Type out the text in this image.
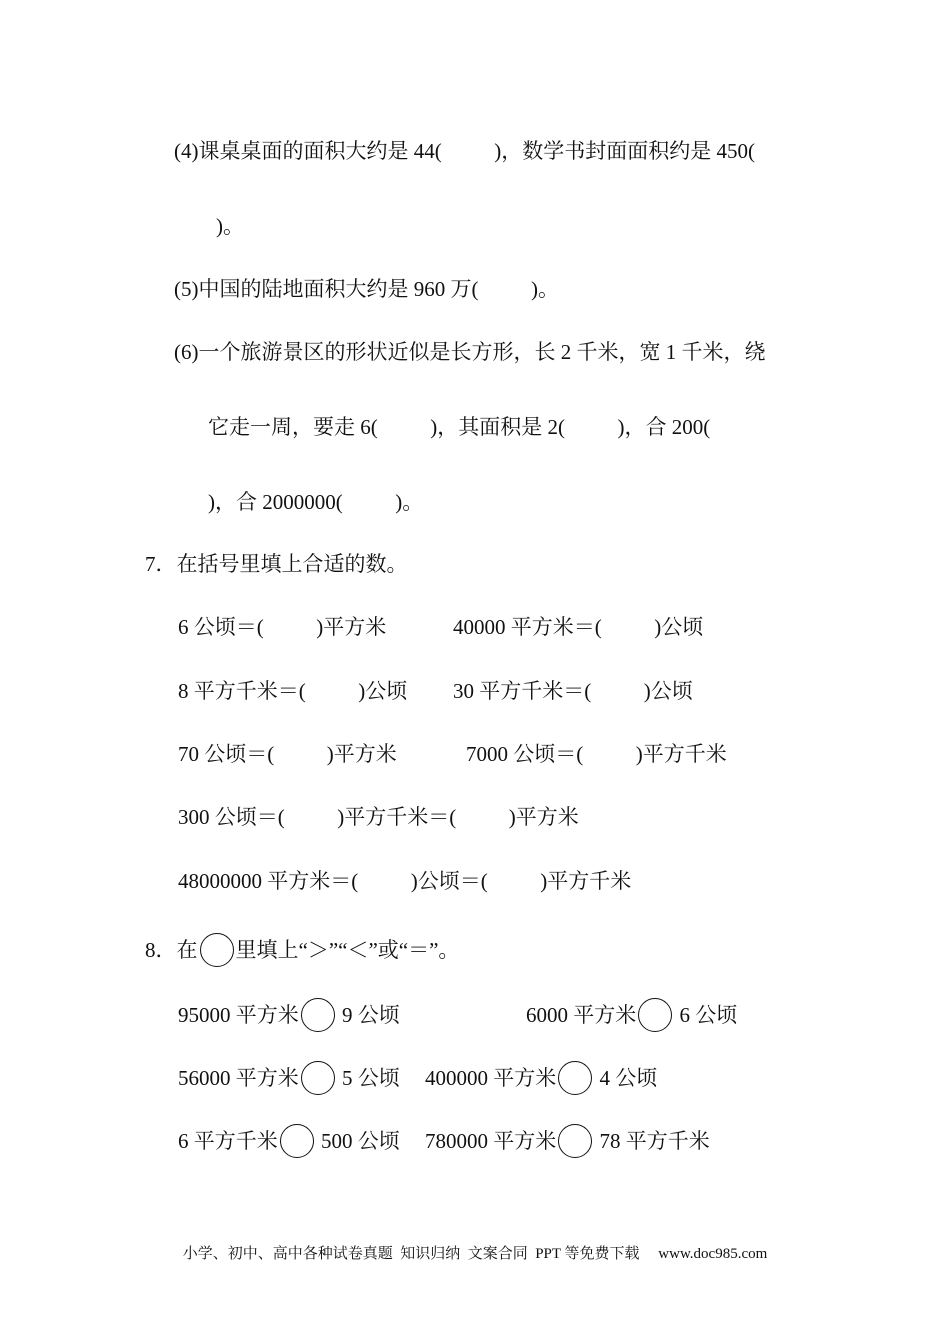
(4)课桌桌面的面积大约是 44(          )，数学书封面面积约是 450(
)。
(5)中国的陆地面积大约是 960 万(          )。
(6)一个旅游景区的形状近似是长方形，长 2 千米，宽 1 千米，绕
它走一周，要走 6(          )，其面积是 2(          )，合 200(
)，合 2000000(          )。
7．在括号里填上合适的数。
6 公顷＝(          )平方米	40000 平方米＝(          )公顷
8 平方千米＝(          )公顷 30 平方千米＝(          )公顷
70 公顷＝(          )平方米	7000 公顷＝(          )平方千米
300 公顷＝(          )平方千米＝(          )平方米
48000000 平方米＝(          )公顷＝(          )平方千米
8．在 里填上“＞”“＜”或“＝”。
95000 平方米 9 公顷	6000 平方米 6 公顷
56000 平方米 5 公顷 400000 平方米 4 公顷
6 平方千米 500 公顷 780000 平方米 78 平方千米
小学、初中、高中各种试卷真题  知识归纳  文案合同  PPT 等免费下载     www.doc985.com
